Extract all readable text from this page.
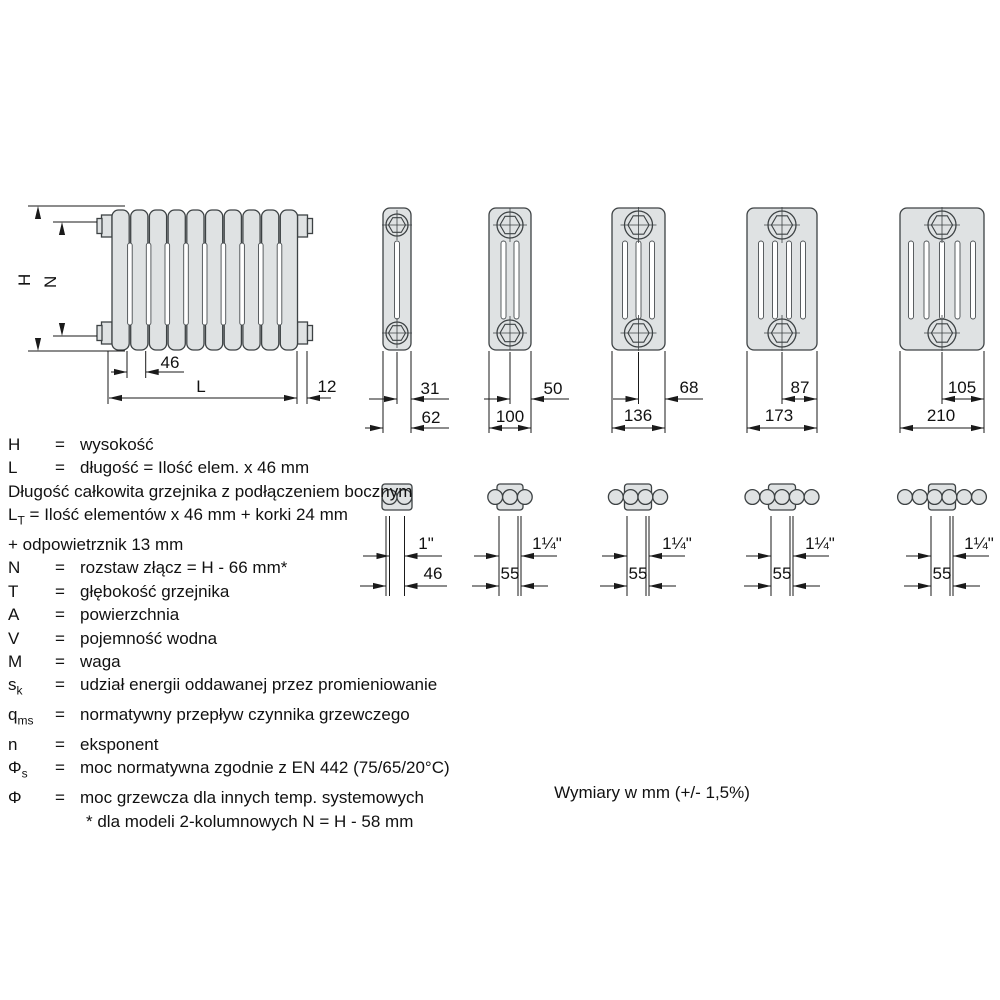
H N
46
L	12	31
62
50
100
68
136
87
173
105
210
1"
46
1¼"
55
1¼"
55
1¼"
55
1¼"
55
Wymiary w mm (+/- 1,5%)
H	= wysokość
L	= długość = Ilość elem. x 46 mm
Długość całkowita grzejnika z podłączeniem bocznym
$L_T$ = Ilość elementów x 46 mm + korki 24 mm
+ odpowietrznik 13 mm
N	= rozstaw złącz = H - 66 mm*
T	= głębokość grzejnika
A	= powierzchnia
V	= pojemność wodna
M	= waga
$s_k$	= udział energii oddawanej przez promieniowanie
$q_{ms}$	= normatywny przepływ czynnika grzewczego
n	= eksponent
$\Phi_s$	= moc normatywna zgodnie z EN 442 (75/65/20°C)
Φ	= moc grzewcza dla innych temp. systemowych
* dla modeli 2-kolumnowych N = H - 58 mm
